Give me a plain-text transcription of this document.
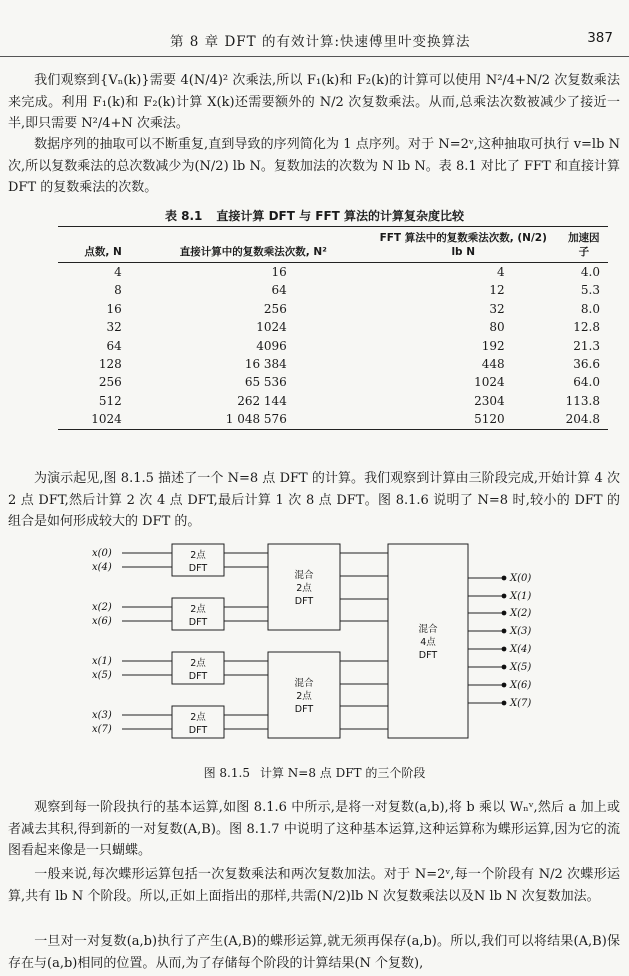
第 8 章 DFT 的有效计算:快速傅里叶变换算法	387

我们观察到{Vₙ(k)}需要 4(N/4)² 次乘法,所以 F₁(k)和 F₂(k)的计算可以使用 N²/4+N/2 次复数乘法来完成。利用 F₁(k)和 F₂(k)计算 X(k)还需要额外的 N/2 次复数乘法。从而,总乘法次数被减少了接近一半,即只需要 N²/4+N 次乘法。

数据序列的抽取可以不断重复,直到导致的序列简化为 1 点序列。对于 N=2ᵛ,这种抽取可执行 v=lb N 次,所以复数乘法的总次数减少为(N/2) lb N。复数加法的次数为 N lb N。表 8.1 对比了 FFT 和直接计算 DFT 的复数乘法的次数。

表 8.1 直接计算 DFT 与 FFT 算法的计算复杂度比较
点数, N	直接计算中的复数乘法次数, N²	FFT 算法中的复数乘法次数, (N/2) lb N	加速因子
4	16	4	4.0
8	64	12	5.3
16	256	32	8.0
32	1024	80	12.8
64	4096	192	21.3
128	16 384	448	36.6
256	65 536	1024	64.0
512	262 144	2304	113.8
1024	1 048 576	5120	204.8

为演示起见,图 8.1.5 描述了一个 N=8 点 DFT 的计算。我们观察到计算由三阶段完成,开始计算 4 次 2 点 DFT,然后计算 2 次 4 点 DFT,最后计算 1 次 8 点 DFT。图 8.1.6 说明了 N=8 时,较小的 DFT 的组合是如何形成较大的 DFT 的。

x(0)
x(4)
x(2)
x(6)
x(1)
x(5)
x(3)
x(7)
X(0)
X(1)
X(2)
X(3)
X(4)
X(5)
X(6)
X(7)
2点
DFT
2点
DFT
2点
DFT
2点
DFT
混合
2点
DFT
混合
2点
DFT
混合
4点
DFT
图 8.1.5 计算 N=8 点 DFT 的三个阶段

观察到每一阶段执行的基本运算,如图 8.1.6 中所示,是将一对复数(a,b),将 b 乘以 Wₙᵛ,然后 a 加上或者减去其积,得到新的一对复数(A,B)。图 8.1.7 中说明了这种基本运算,这种运算称为蝶形运算,因为它的流图看起来像是一只蝴蝶。

一般来说,每次蝶形运算包括一次复数乘法和两次复数加法。对于 N=2ᵛ,每一个阶段有 N/2 次蝶形运算,共有 lb N 个阶段。所以,正如上面指出的那样,共需(N/2)lb N 次复数乘法以及N lb N 次复数加法。

一旦对一对复数(a,b)执行了产生(A,B)的蝶形运算,就无须再保存(a,b)。所以,我们可以将结果(A,B)保存在与(a,b)相同的位置。从而,为了存储每个阶段的计算结果(N 个复数),
